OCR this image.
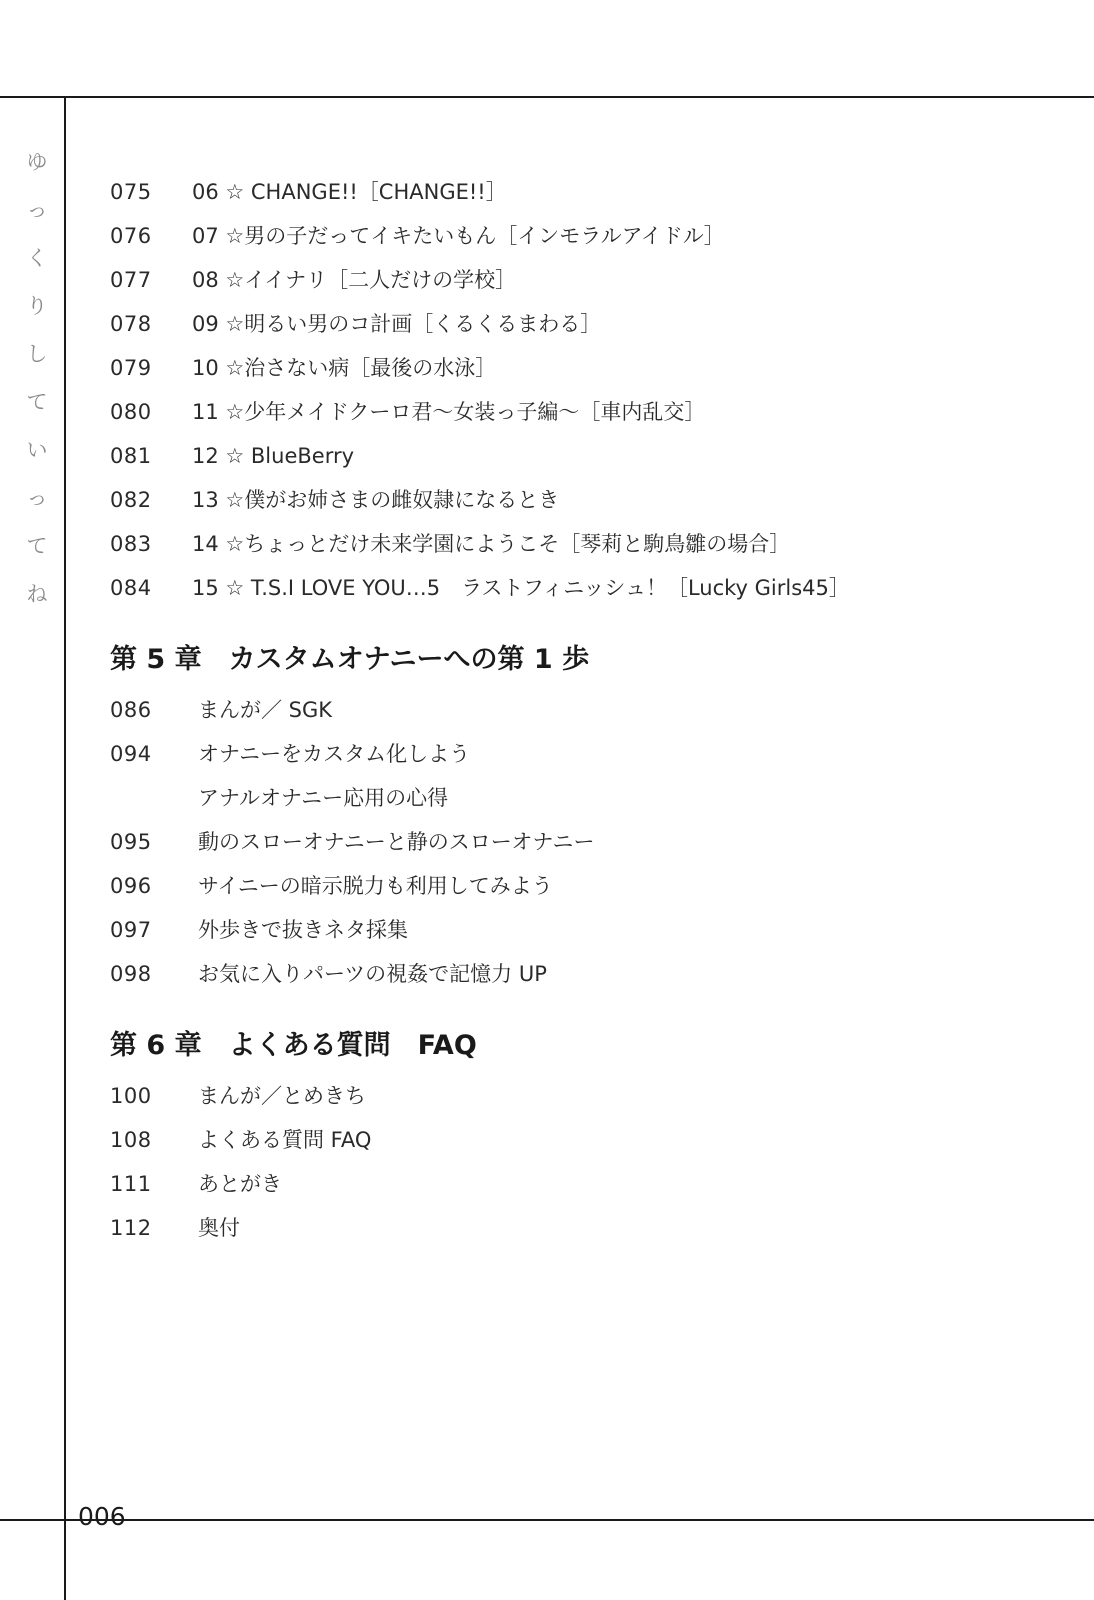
ゆ
っ
く
り
し
て
い
っ
て
ね
075	06 ☆ CHANGE!!［CHANGE!!］
076	07 ☆男の子だってイキたいもん［インモラルアイドル］
077	08 ☆イイナリ［二人だけの学校］
078	09 ☆明るい男のコ計画［くるくるまわる］
079	10 ☆治さない病［最後の水泳］
080	11 ☆少年メイドクーロ君〜女装っ子編〜［車内乱交］
081	12 ☆ BlueBerry
082	13 ☆僕がお姉さまの雌奴隷になるとき
083	14 ☆ちょっとだけ未来学園にようこそ［琴莉と駒鳥雛の場合］
084	15 ☆ T.S.I LOVE YOU…5　ラストフィニッシュ！［Lucky Girls45］
第 5 章　カスタムオナニーへの第 1 歩
086	まんが／ SGK
094	オナニーをカスタム化しよう
アナルオナニー応用の心得
095	動のスローオナニーと静のスローオナニー
096	サイニーの暗示脱力も利用してみよう
097	外歩きで抜きネタ採集
098	お気に入りパーツの視姦で記憶力 UP
第 6 章　よくある質問　FAQ
100	まんが／とめきち
108	よくある質問 FAQ
111	あとがき
112	奥付
006
